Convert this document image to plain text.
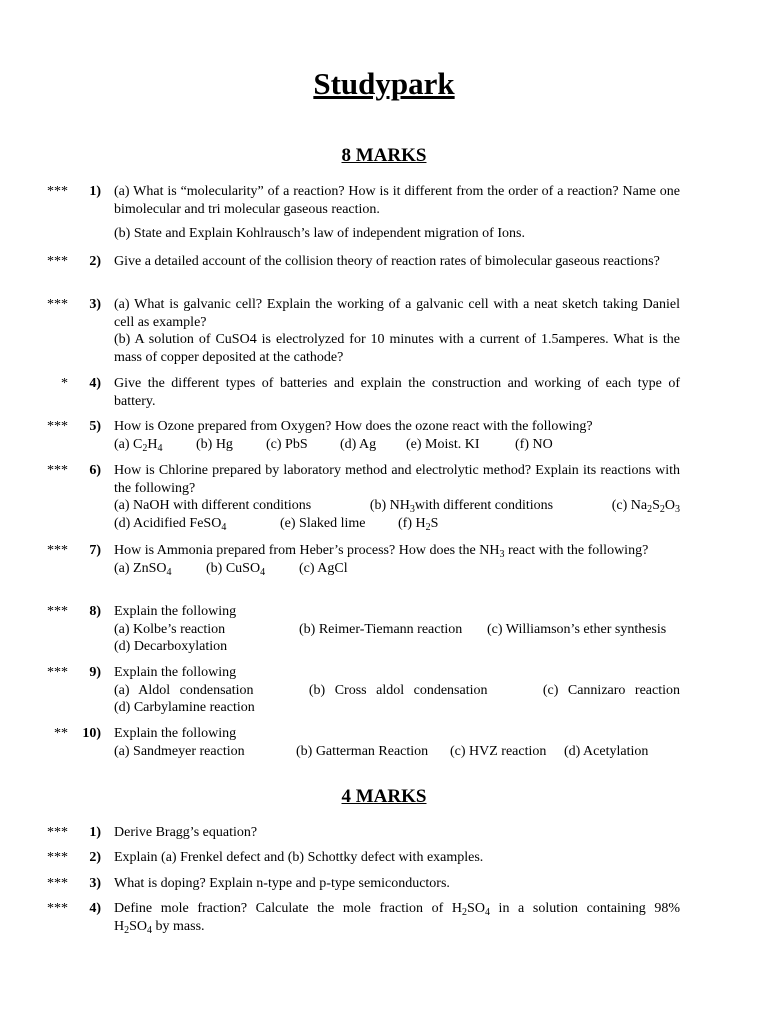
Studypark
8 MARKS
***	1) (a) What is “molecularity” of a reaction? How is it different from the order of a reaction? Name one bimolecular and tri molecular gaseous reaction.

(b) State and Explain Kohlrausch’s law of independent migration of Ions.

***	2) Give a detailed account of the collision theory of reaction rates of bimolecular gaseous reactions?

***	3) (a) What is galvanic cell? Explain the working of a galvanic cell with a neat sketch taking Daniel cell as example?

(b) A solution of CuSO4 is electrolyzed for 10 minutes with a current of 1.5amperes. What is the mass of copper deposited at the cathode?

*	4) Give the different types of batteries and explain the construction and working of each type of battery.

***	5) How is Ozone prepared from Oxygen? How does the ozone react with the following?

(a) $C_2H_4$	(b) Hg	(c) PbS	(d) Ag	(e) Moist. KI	(f) NO
***	6) How is Chlorine prepared by laboratory method and electrolytic method? Explain its reactions with the following?

(a) NaOH with different conditions	(b) $NH_3with$ different conditions	(c) $Na_2S_2O_3$
(d) Acidified FeSO$_4$	(e) Slaked lime	(f) $H_2S$
***	7) How is Ammonia prepared from Heber’s process? How does the $NH_3$ react with the following?

(a) ZnSO$_4$	(b) CuSO$_4$	(c) AgCl
***	8) Explain the following

(a) Kolbe’s reaction	(b) Reimer-Tiemann reaction	(c) Williamson’s ether synthesis
(d) Decarboxylation
***	9) Explain the following

(a) Aldol condensation	(b) Cross aldol condensation	(c) Cannizaro reaction
(d) Carbylamine reaction
**	10) Explain the following

(a) Sandmeyer reaction	(b) Gatterman Reaction	(c) HVZ reaction	(d) Acetylation
4 MARKS
***	1) Derive Bragg’s equation?

***	2) Explain (a) Frenkel defect and (b) Schottky defect with examples.

***	3) What is doping? Explain n-type and p-type semiconductors.

***	4) Define mole fraction? Calculate the mole fraction of $H_2SO_4$ in a solution containing 98%

$H_2SO_4$ by mass.
